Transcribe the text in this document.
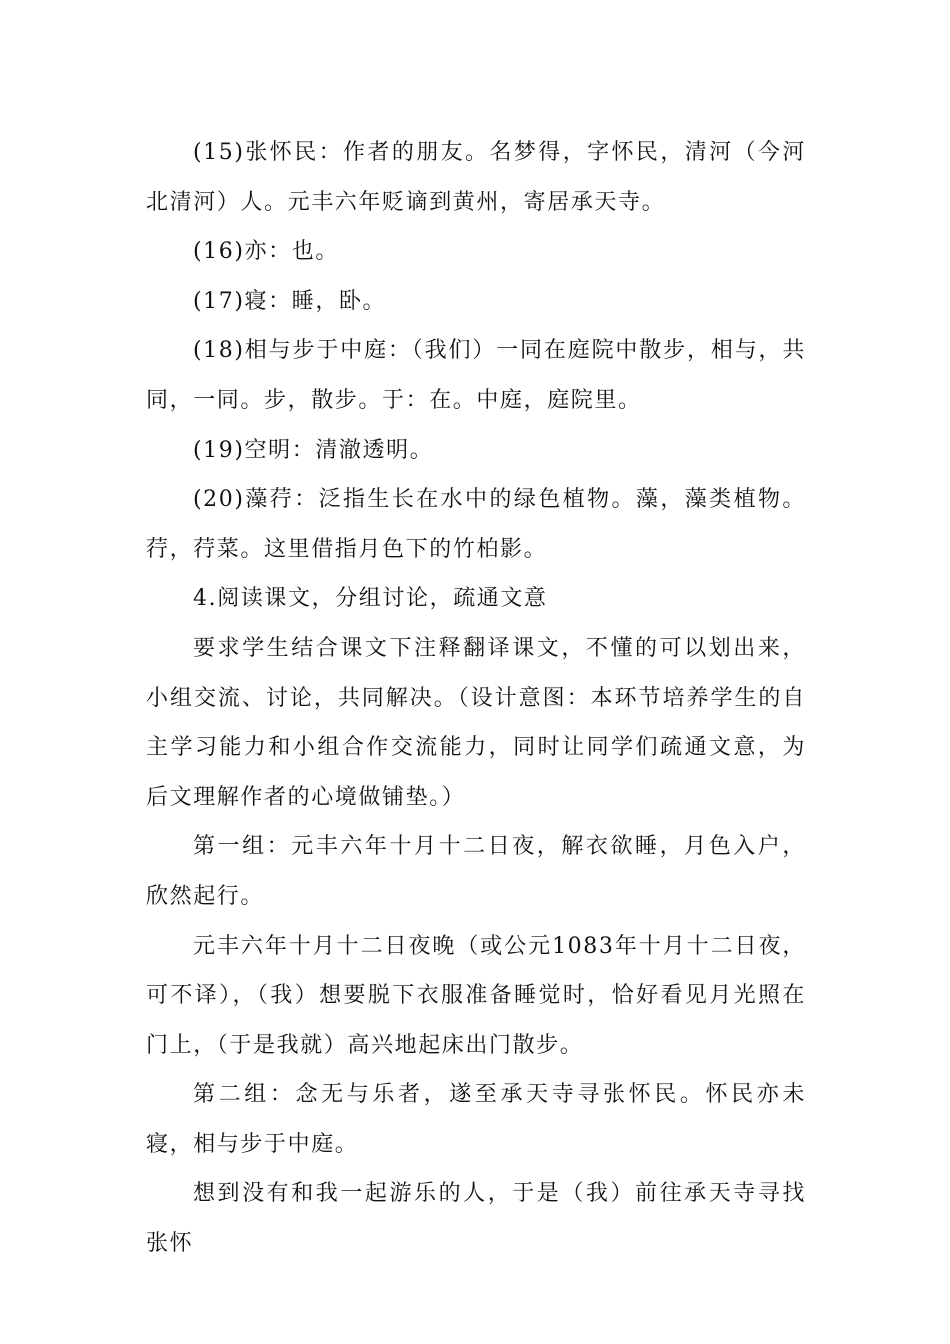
(15)张怀民：作者的朋友。名梦得，字怀民，清河（今河北清河）人。元丰六年贬谪到黄州，寄居承天寺。

(16)亦：也。

(17)寝：睡，卧。

(18)相与步于中庭：（我们）一同在庭院中散步，相与，共同，一同。步，散步。于：在。中庭，庭院里。

(19)空明：清澈透明。

(20)藻荇：泛指生长在水中的绿色植物。藻，藻类植物。荇，荇菜。这里借指月色下的竹柏影。

4.阅读课文，分组讨论，疏通文意

要求学生结合课文下注释翻译课文，不懂的可以划出来，小组交流、讨论，共同解决。（设计意图：本环节培养学生的自主学习能力和小组合作交流能力，同时让同学们疏通文意，为后文理解作者的心境做铺垫。）

第一组：元丰六年十月十二日夜，解衣欲睡，月色入户，欣然起行。

元丰六年十月十二日夜晚（或公元1083年十月十二日夜，可不译），（我）想要脱下衣服准备睡觉时，恰好看见月光照在门上，（于是我就）高兴地起床出门散步。

第二组：念无与乐者，遂至承天寺寻张怀民。怀民亦未寝，相与步于中庭。

想到没有和我一起游乐的人，于是（我）前往承天寺寻找张怀
